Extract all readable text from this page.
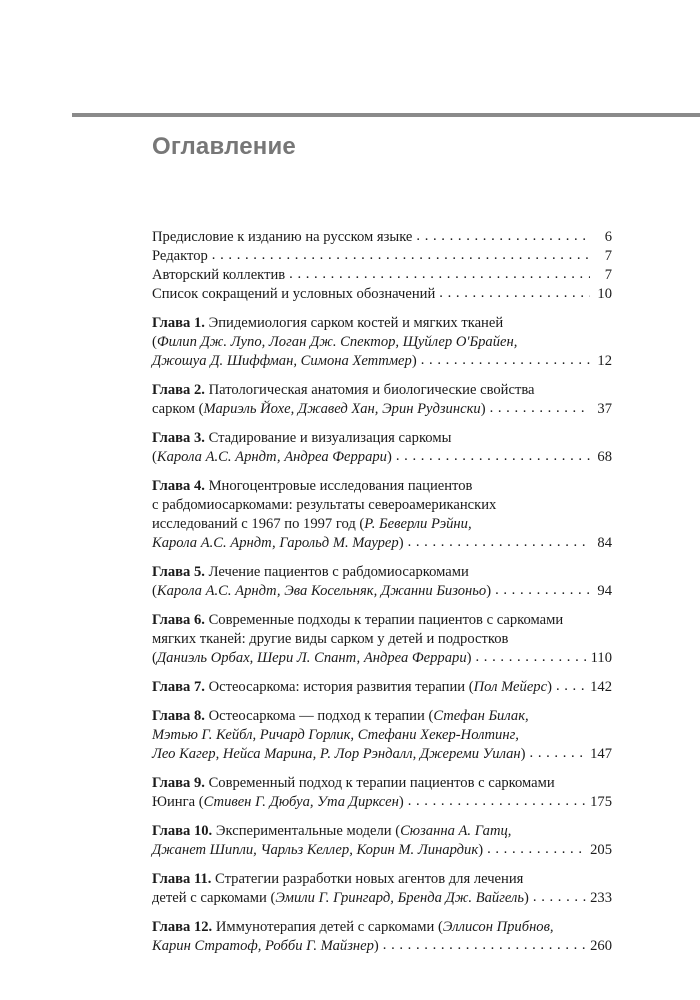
Оглавление
Предисловие к изданию на русском языке . . .	6
Редактор . . .	7
Авторский коллектив . . .	7
Список сокращений и условных обозначений . . .	10
Глава 1. Эпидемиология сарком костей и мягких тканей
(Филип Дж. Лупо, Логан Дж. Спектор, Щуйлер О'Брайен,
Джошуа Д. Шиффман, Симона Хеттмер) . . .	12
Глава 2. Патологическая анатомия и биологические свойства
сарком (Мариэль Йохе, Джавед Хан, Эрин Рудзински) . . .	37
Глава 3. Стадирование и визуализация саркомы
(Карола А.С. Арндт, Андреа Феррари) . . .	68
Глава 4. Многоцентровые исследования пациентов
с рабдомиосаркомами: результаты североамериканских
исследований с 1967 по 1997 год (Р. Беверли Рэйни,
Карола А.С. Арндт, Гарольд М. Маурер) . . .	84
Глава 5. Лечение пациентов с рабдомиосаркомами
(Карола А.С. Арндт, Эва Косельняк, Джанни Бизоньо) . . .	94
Глава 6. Современные подходы к терапии пациентов с саркомами
мягких тканей: другие виды сарком у детей и подростков
(Даниэль Орбах, Шери Л. Спант, Андреа Феррари) . . .	110
Глава 7. Остеосаркома: история развития терапии (Пол Мейерс) . . .	142
Глава 8. Остеосаркома — подход к терапии (Стефан Билак,
Мэтью Г. Кейбл, Ричард Горлик, Стефани Хекер-Нолтинг,
Лео Кагер, Нейса Марина, Р. Лор Рэндалл, Джереми Уилан) . . .	147
Глава 9. Современный подход к терапии пациентов с саркомами
Юинга (Стивен Г. Дюбуа, Ута Дирксен) . . .	175
Глава 10. Экспериментальные модели (Сюзанна А. Гатц,
Джанет Шипли, Чарльз Келлер, Корин М. Линардик) . . .	205
Глава 11. Стратегии разработки новых агентов для лечения
детей с саркомами (Эмили Г. Грингард, Бренда Дж. Вайгель) . . .	233
Глава 12. Иммунотерапия детей с саркомами (Эллисон Прибнов,
Карин Стратоф, Робби Г. Майзнер) . . .	260
